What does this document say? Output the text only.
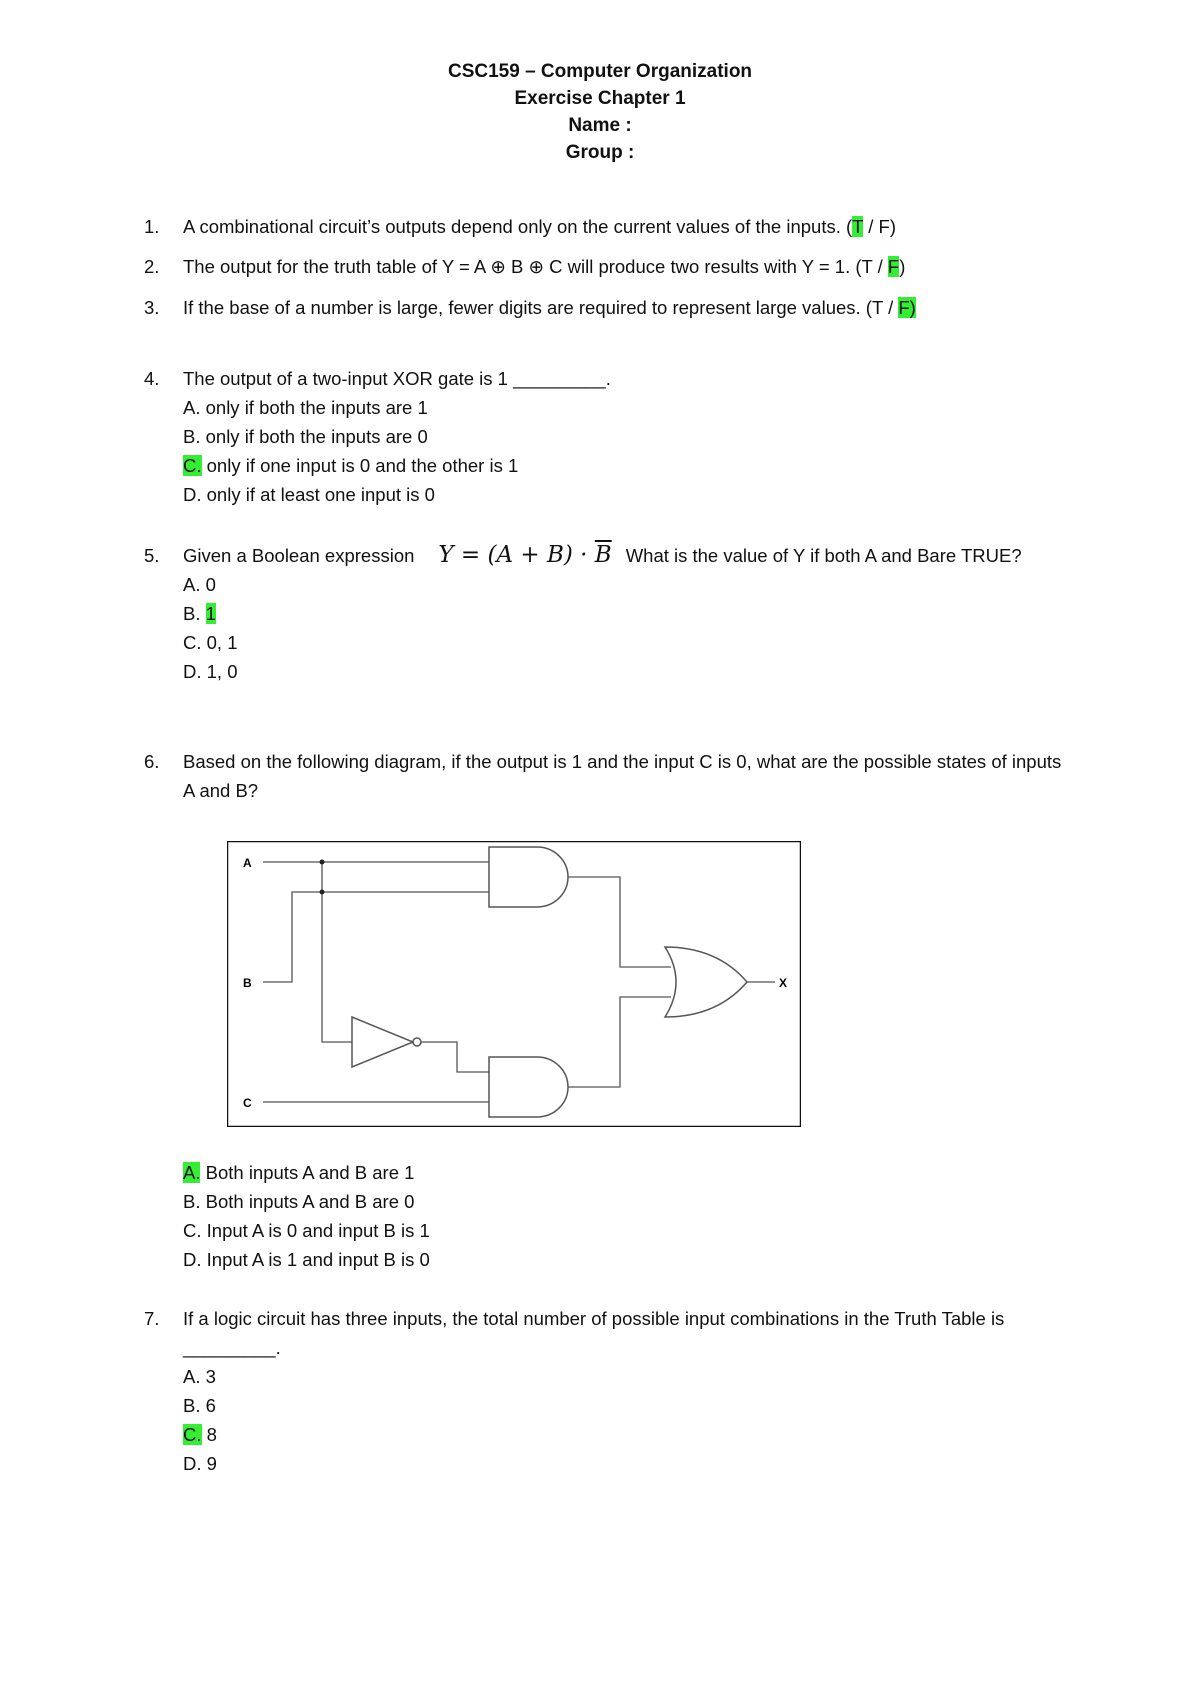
CSC159 – Computer Organization
Exercise Chapter 1
Name :
Group :
1. A combinational circuit’s outputs depend only on the current values of the inputs. (T / F)
2. The output for the truth table of Y = A ⊕ B ⊕ C will produce two results with Y = 1. (T / F)
3. If the base of a number is large, fewer digits are required to represent large values. (T / F)
4. The output of a two-input XOR gate is 1 _________.
A. only if both the inputs are 1
B. only if both the inputs are 0
C. only if one input is 0 and the other is 1
D. only if at least one input is 0
5. Given a Boolean expression $Y = (A + B) \cdot \overline{B}$ What is the value of Y if both A and Bare TRUE?
A. 0
B. 1
C. 0, 1
D. 1, 0
6. Based on the following diagram, if the output is 1 and the input C is 0, what are the possible states of inputs A and B?
A
B
C
X
A. Both inputs A and B are 1
B. Both inputs A and B are 0
C. Input A is 0 and input B is 1
D. Input A is 1 and input B is 0
7. If a logic circuit has three inputs, the total number of possible input combinations in the Truth Table is _________.
A. 3
B. 6
C. 8
D. 9
